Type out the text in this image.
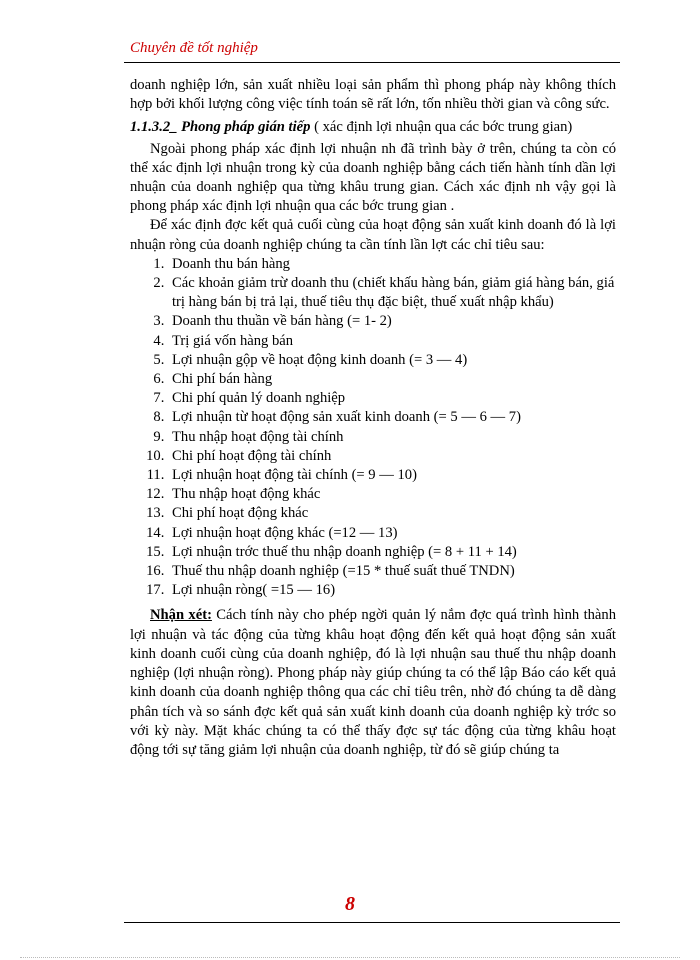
Chuyên đề tốt nghiệp

doanh nghiệp lớn, sản xuất nhiều loại sản phẩm thì phong pháp này không thích hợp bởi khối lượng công việc tính toán sẽ rất lớn, tốn nhiều thời gian và công sức.

1.1.3.2_ Phong pháp gián tiếp ( xác định lợi nhuận qua các bớc trung gian)

Ngoài phong pháp xác định lợi nhuận nh đã trình bày ở trên, chúng ta còn có thể xác định lợi nhuận trong kỳ của doanh nghiệp bằng cách tiến hành tính dần lợi nhuận của doanh nghiệp qua từng khâu trung gian. Cách xác định nh vậy gọi là phong pháp xác định lợi nhuận qua các bớc trung gian .

Để xác định đợc kết quả cuối cùng của hoạt động sản xuất kinh doanh đó là lợi nhuận ròng của doanh nghiệp chúng ta cần tính lần lợt các chỉ tiêu sau:

1. Doanh thu bán hàng
2. Các khoản giảm trừ doanh thu (chiết khấu hàng bán, giảm giá hàng bán, giá trị hàng bán bị trả lại, thuế tiêu thụ đặc biệt, thuế xuất nhập khẩu)
3. Doanh thu thuần về bán hàng (= 1- 2)
4. Trị giá vốn hàng bán
5. Lợi nhuận gộp về hoạt động kinh doanh (= 3 — 4)
6. Chi phí bán hàng
7. Chi phí quản lý doanh nghiệp
8. Lợi nhuận từ hoạt động sản xuất kinh doanh (= 5 — 6 — 7)
9. Thu nhập hoạt động tài chính
10. Chi phí hoạt động tài chính
11. Lợi nhuận hoạt động tài chính (= 9 — 10)
12. Thu nhập hoạt động khác
13. Chi phí hoạt động khác
14. Lợi nhuận hoạt động khác (=12 — 13)
15. Lợi nhuận trớc thuế thu nhập doanh nghiệp (= 8 + 11 + 14)
16. Thuế thu nhập doanh nghiệp (=15 * thuế suất thuế TNDN)
17. Lợi nhuận ròng( =15 — 16)

Nhận xét: Cách tính này cho phép ngời quản lý nắm đợc quá trình hình thành lợi nhuận và tác động của từng khâu hoạt động đến kết quả hoạt động sản xuất kinh doanh cuối cùng của doanh nghiệp, đó là lợi nhuận sau thuế thu nhập doanh nghiệp (lợi nhuận ròng). Phong pháp này giúp chúng ta có thể lập Báo cáo kết quả kinh doanh của doanh nghiệp thông qua các chỉ tiêu trên, nhờ đó chúng ta dễ dàng phân tích và so sánh đợc kết quả sản xuất kinh doanh của doanh nghiệp kỳ trớc so với kỳ này. Mặt khác chúng ta có thể thấy đợc sự tác động của từng khâu hoạt động tới sự tăng giảm lợi nhuận của doanh nghiệp, từ đó sẽ giúp chúng ta

8
